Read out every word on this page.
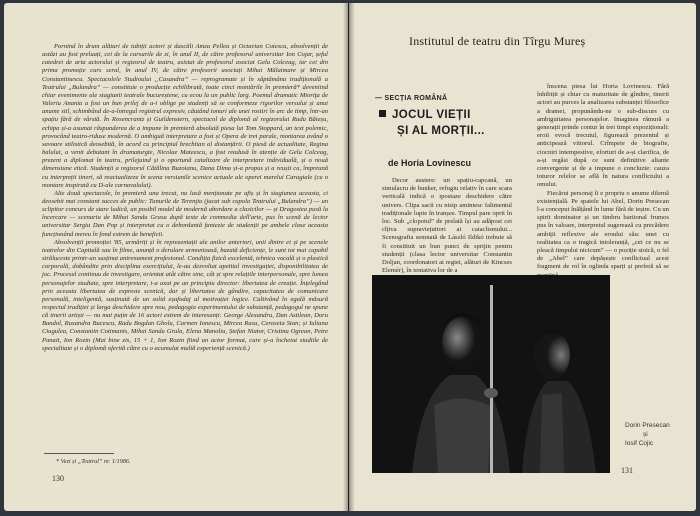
Pornind în drum alături de tubiții actori și dascăli Amza Pellea și Octavian Cotescu, absolvenții de astăzi au fost preluați, cei de la cursurile de zi, în anul II, de către profesorul universitar Ion Cojar, șeful catedrei de arta actorului și regizorul de teatru, asistat de profesorul asociat Gelu Colceag, iar cei din prima promoție curs seral, în anul IV, de către profesorii asociați Mihai Mălaimare și Mircea Constantinescu. Spectacolele Studioului „Casandra” — reprogramate și în săptămâna tradițională a Teatrului „Bulandra” — constituie o producție echilibrată, toate cinci montările în premieră* deveniind chiar evenimente ale stagiunii teatrale bucureștene, cu ecou la un public larg. Poemul dramatic Mioriţa de Valeriu Anania a fost un bun prilej de a-i oblige pe studenți să se conformeze rigorilor versului și unui anume stil, schimbând de-a-întregul registrul expresiv, căutând tonuri ale unei rostiri în arc de timp, într-un spațiu fără de vârstă. În Rosencrantz și Guildenstern, spectacol de diplomă al regizorului Radu Băieșu, echipa și-a asumat răspunderea de a impune în premieră absolută piesa lui Tom Stoppard, un text polemic, provocând teatro-riduse modernă. O ambiguă interpretare a fost și Opera de trei parale, montarea având o savoare stilistică deosebită, în acord cu principiul brechtian al distanțării. O piesă de actualitate, Regina balului, a venit debutant în dramaturgie, Nicolae Mateescu, a fost readusă în atenție de Gelu Colceag, prezent a diplomat în teatru, prilejuind și o oportună catalizare de interpretare individuală, și o nouă dimensiune etică. Studenții a regizorul Cătălina Buzoianu, Dana Dima și-a propus și a reușit ca, împreună cu interpreții tineri, să reactualizeze în scena versiunile scenice actuale ale operei marelui Caragiale (cu o montare inspirată cu D-ale carnavalului).

Alte două spectacole, în premieră una trecut, nu lasă menționate pe afiș și în stagiunea aceasta, ci deosebit mai constant succes de public: Tunurile de Terenţiu (jucat sub cupola Teatrului „Bulandra”) — un sclipitor concurs de stare ludică, un posibil model de modernă abordare a clasicilor — și Dragostea pusă la încercare — scenariu de Mihai Sandu Grasu după texte de commedia dell'arte, pus în scenă de lector universitar Sergiu Dan Pop și interpretat cu o debordantă fantezie de studenții pe ambele clase aceasta funcționând mereu în fond extrem de beneficii.

Absolvenții promoției '85, urmăriți și în reprezentații ale anilor anteriori, unii dintre ei și pe scenele teatrelor din Capitală sau în filme, anunță o derulare armonioasă, bazată deficiențe, le sunt tot mai capabil străluceste printr-un susținut antrenament profesional. Condiția fizică excelentă, tehnica vocală și o plastică corporală, dobândite prin disciplina exercițiului, le-au dezvoltat apetitul investigației, disponibilitatea de joc. Procesul continuu de investigare, orientat atât către sine, cât și spre relațiile interpersonale, spre lumea personajelor studiate, spre interpretare, i-a axat pe un principiu director: libertatea de creație. Înțelegând prin aceasta libertatea de expresie scenică, dar și libertatea de gândire, capacitatea de comunicare personală, inteligentă, susținută de un solid eșafodaj al motivației logice. Cultivând în egală măsură respectul tradiției și larga deschidere spre nou, pedagogia experimentului de substanță, pedagogul ne spune că tinerii artiști — nu mai puțin de 16 actori extrem de interesanți: George Alexandru, Dan Astilean, Doru Bandol, Ruxandra Bucescu, Radu Bogdan Gholu, Carmen Ionescu, Mircea Rusu, Ceraseia Stan; și Iuliana Ciugulea, Constantin Cotimanis, Mihai Sandu Grula, Elena Manoliu, Ștefan Niator, Cristina Ogrean, Petre Panait, Ion Rozin (Mai bine zis, 15 + 1, Ion Rozin fiind un actor format, care și-a încheiat studiile de specialitate și o diplomă oferită către cu o acumulat multă experiență scenică.)

* Vezi și „Teatrul” nr. 1/1986.
130
Institutul de teatru din Tîrgu Mureș
— SECȚIA ROMÂNĂ
JOCUL VIEȚII
ȘI AL MORȚII...
de Horia Lovinescu

Decor austere: un spațiu-capcană, un simulacru de bunker, refugiu relativ în care scara verticală indică o ipostaze deschidere către univers. Clipa sacii cu nisip amintesc falimentul tradiționale lupte în tranșee. Timpul pare oprit în loc. Sub „clopotul” de prelată își au adăpost cei cîțiva supraviețuitori ai cataclismului... Scenografia semnată de László Ildikó trebuie să fi constituit un bun punct de sprijin pentru studenții (clasa lector universitar Constantin Doljan, coordonatori ai regiei, alături de Kincses Elemér), în tentativa lor de a

înscena piesa lui Horia Lovinescu. Fără înhibiții și chiar cu maturitate de gîndire, tinerii actori au purces la analizarea substanței filosofice a dramei, propunându-ne o sub-discurs cu ambiguitatea personajelor. Imaginea rămură a generații prinde contur în trei timpi expoziționali: eroii evocă trecutul, figurează prezentul și anticipează viitorul. Crîmpeie de biografie, ciocniri intempestive, eforturi de a-și clarifica, de a-și regăsi după ce sunt definitive aliante convergente și de a impune o concluzie: cauza toturor relelor se află în natura conflictului a omului.

Fiecărui personaj îi e propriu o anume dilemă existențială. Pe spatele lui Abel, Dorin Presecan l-a conceput înălțând în lume fără de ieșire. Cu un spirit dominator și un timbru baritonal frumos pus în valoare, interpretul sugerează cu precădere ambiții reflexive ale eroului său: unei cu realitatea ca o tragică intoleranță, „cei ce nu se pleacă timpului nicicum” — o poziție stoică, o fel de „Abel” care depășește conflictual acest fragment de rol în oglinda sparți și preferă să se

Dorin Presecan
și
Iosif Cojic
131
